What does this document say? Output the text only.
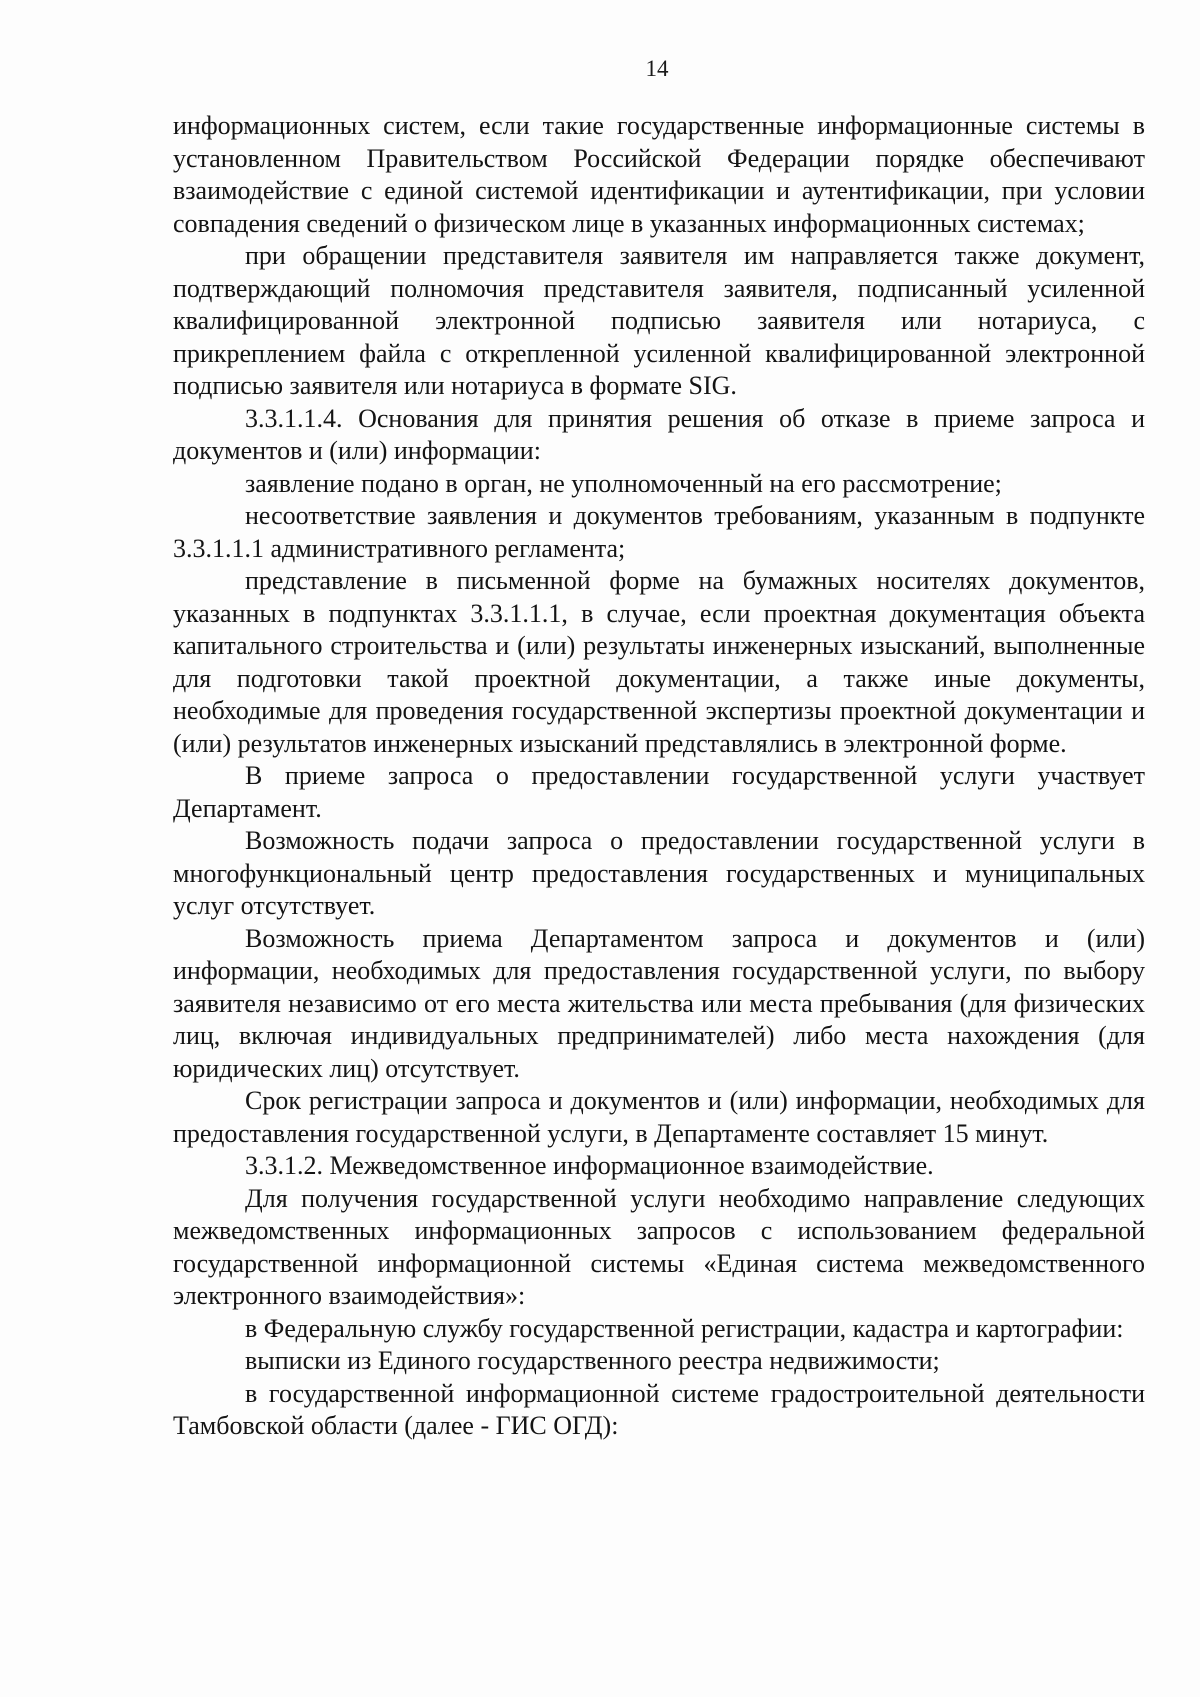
14

информационных систем, если такие государственные информационные системы в установленном Правительством Российской Федерации порядке обеспечивают взаимодействие с единой системой идентификации и аутентификации, при условии совпадения сведений о физическом лице в указанных информационных системах;

при обращении представителя заявителя им направляется также документ, подтверждающий полномочия представителя заявителя, подписанный усиленной квалифицированной электронной подписью заявителя или нотариуса, с прикреплением файла с открепленной усиленной квалифицированной электронной подписью заявителя или нотариуса в формате SIG.

3.3.1.1.4. Основания для принятия решения об отказе в приеме запроса и документов и (или) информации:

заявление подано в орган, не уполномоченный на его рассмотрение;

несоответствие заявления и документов требованиям, указанным в подпункте 3.3.1.1.1 административного регламента;

представление в письменной форме на бумажных носителях документов, указанных в подпунктах 3.3.1.1.1, в случае, если проектная документация объекта капитального строительства и (или) результаты инженерных изысканий, выполненные для подготовки такой проектной документации, а также иные документы, необходимые для проведения государственной экспертизы проектной документации и (или) результатов инженерных изысканий представлялись в электронной форме.

В приеме запроса о предоставлении государственной услуги участвует Департамент.

Возможность подачи запроса о предоставлении государственной услуги в многофункциональный центр предоставления государственных и муниципальных услуг отсутствует.

Возможность приема Департаментом запроса и документов и (или) информации, необходимых для предоставления государственной услуги, по выбору заявителя независимо от его места жительства или места пребывания (для физических лиц, включая индивидуальных предпринимателей) либо места нахождения (для юридических лиц) отсутствует.

Срок регистрации запроса и документов и (или) информации, необходимых для предоставления государственной услуги, в Департаменте составляет 15 минут.

3.3.1.2. Межведомственное информационное взаимодействие.

Для получения государственной услуги необходимо направление следующих межведомственных информационных запросов с использованием федеральной государственной информационной системы «Единая система межведомственного электронного взаимодействия»:

в Федеральную службу государственной регистрации, кадастра и картографии:

выписки из Единого государственного реестра недвижимости;

в государственной информационной системе градостроительной деятельности Тамбовской области (далее - ГИС ОГД):
